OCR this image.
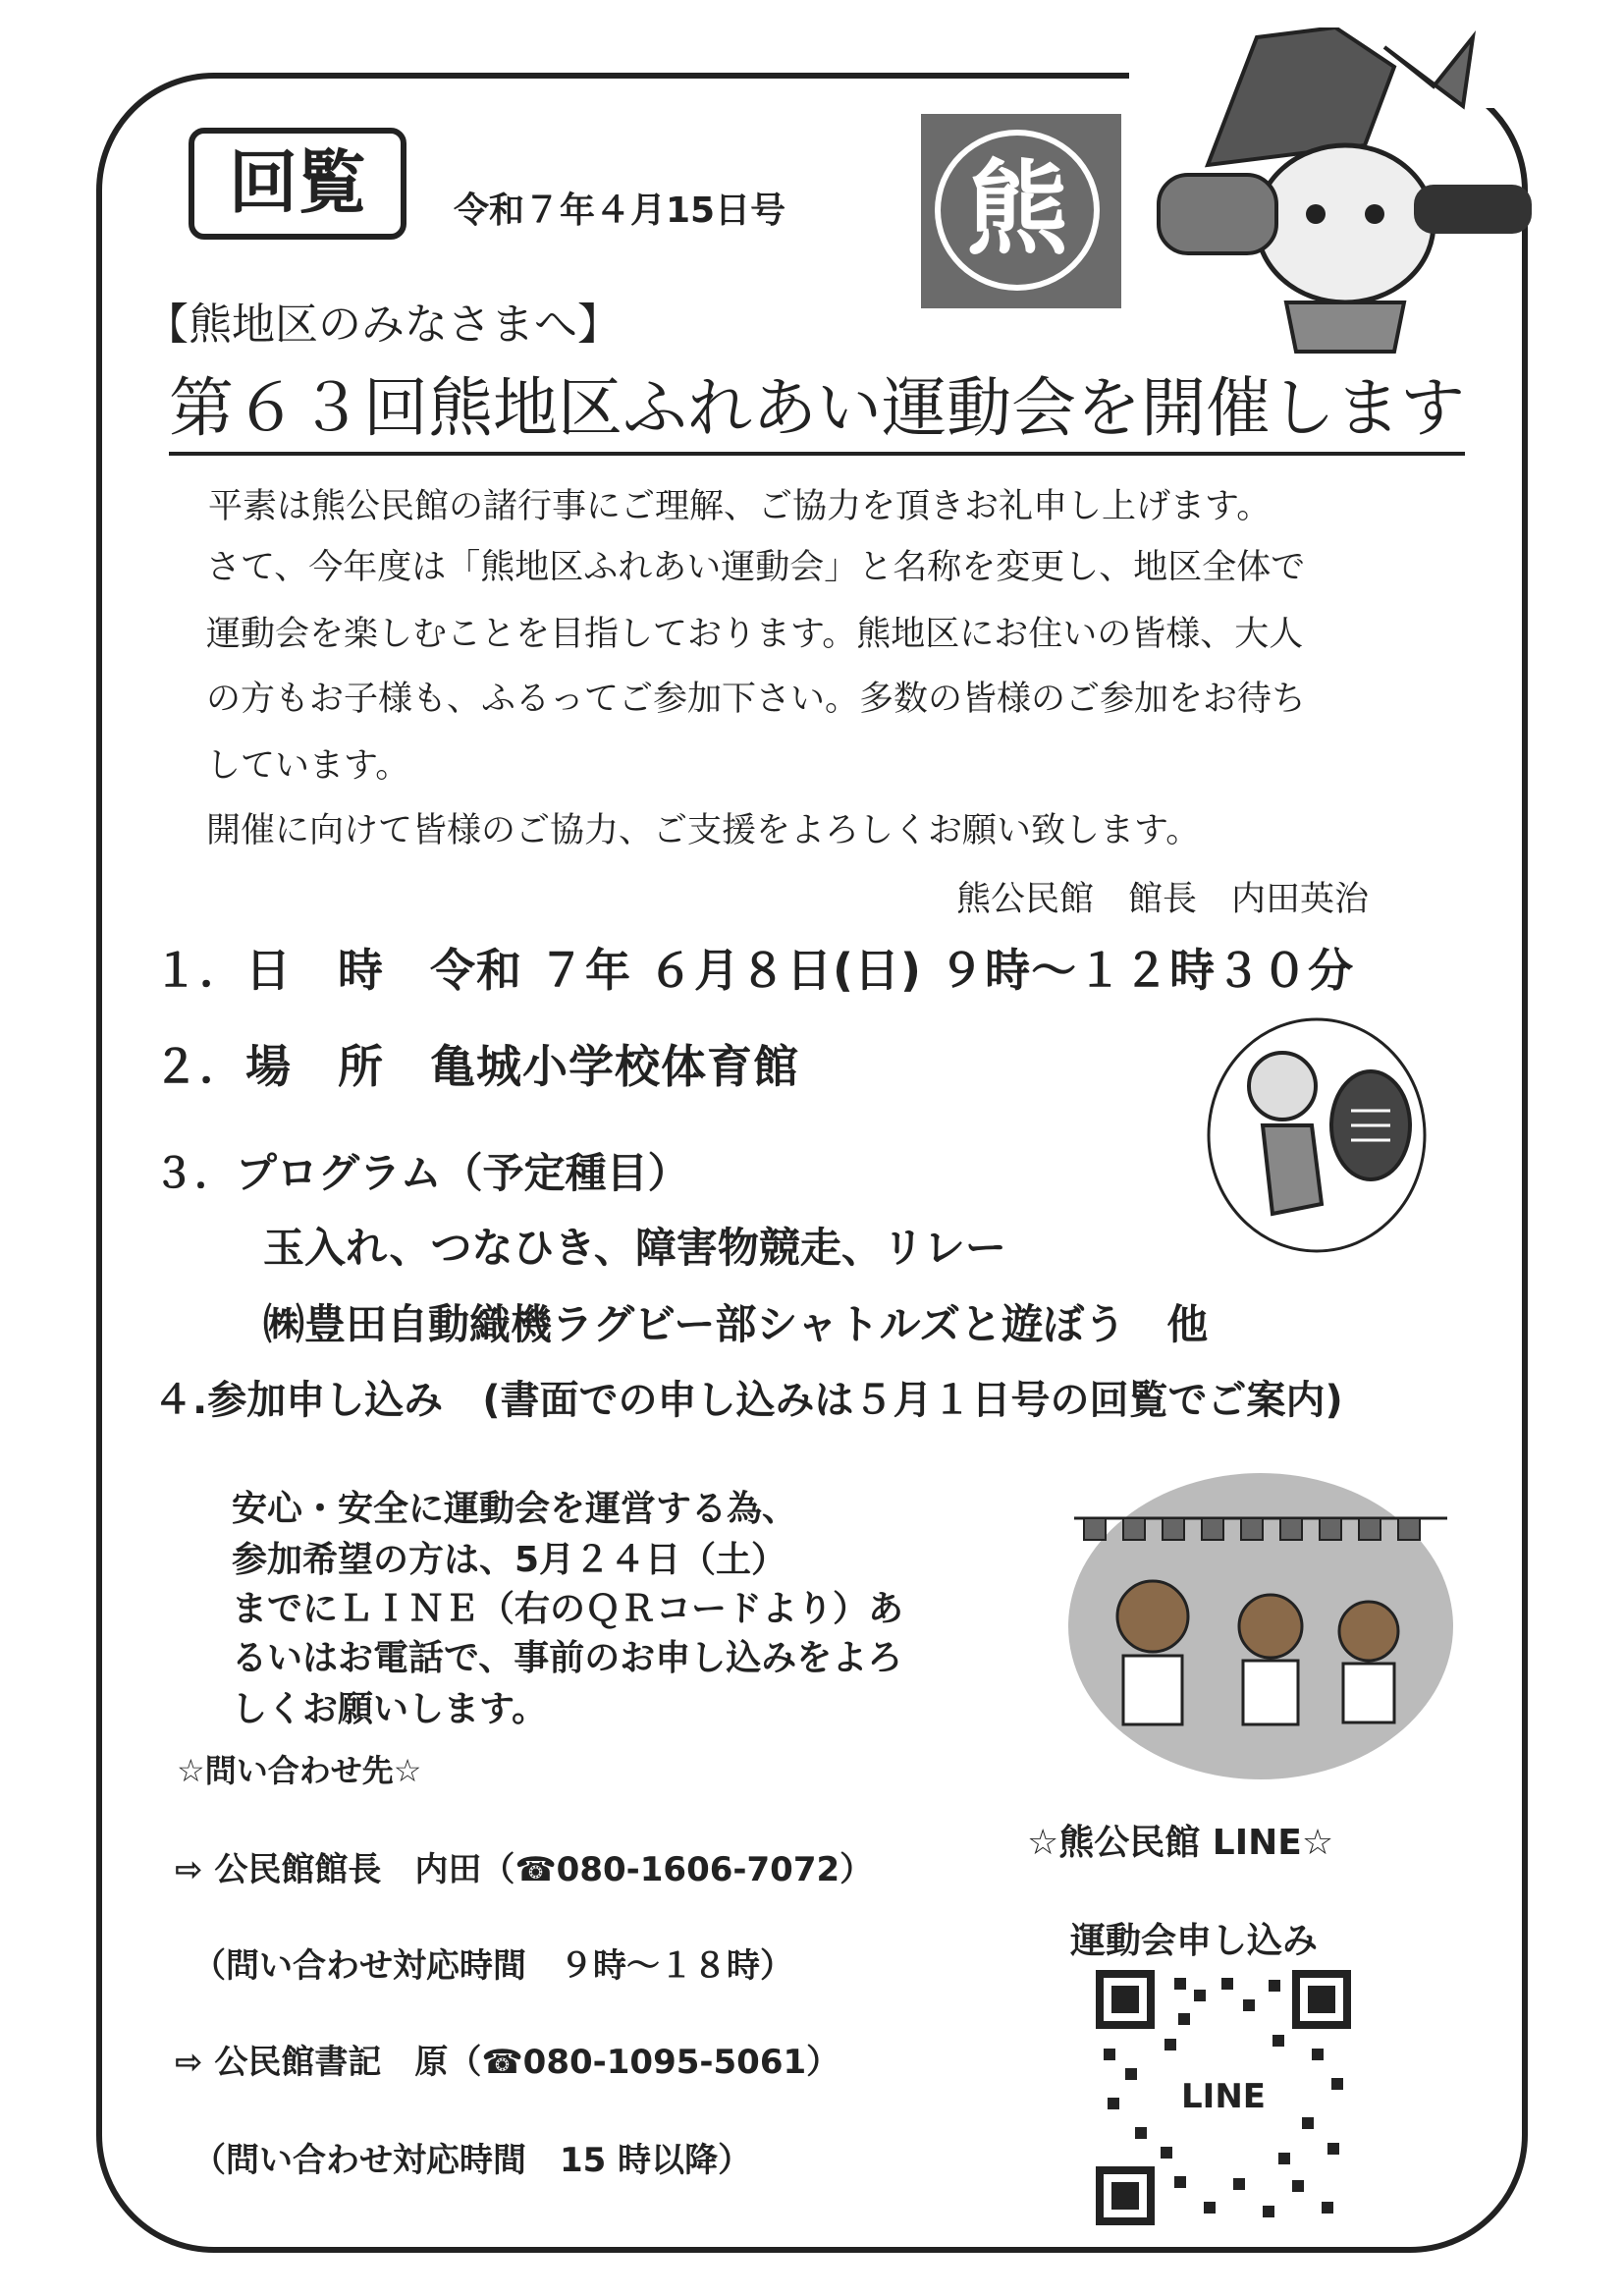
回覧	令和７年４月15日号	熊
【熊地区のみなさまへ】
第６３回熊地区ふれあい運動会を開催します
平素は熊公民館の諸行事にご理解、ご協力を頂きお礼申し上げます。
さて、今年度は「熊地区ふれあい運動会」と名称を変更し、地区全体で
運動会を楽しむことを目指しております。熊地区にお住いの皆様、大人
の方もお子様も、ふるってご参加下さい。多数の皆様のご参加をお待ち
しています。
開催に向けて皆様のご協力、ご支援をよろしくお願い致します。
熊公民館　館長　内田英治
１．日　時　令和 ７年 ６月８日(日) ９時～１２時３０分
２．場　所　亀城小学校体育館
３．プログラム（予定種目）
玉入れ、つなひき、障害物競走、リレー
㈱豊田自動織機ラグビー部シャトルズと遊ぼう　他
４.参加申し込み　(書面での申し込みは５月１日号の回覧でご案内)
安心・安全に運動会を運営する為、
参加希望の方は、5月２４日（土）
までにＬＩＮＥ（右のＱＲコードより）あ
るいはお電話で、事前のお申し込みをよろ
しくお願いします。
☆問い合わせ先☆
⇨ 公民館館長　内田（☎080-1606-7072）
（問い合わせ対応時間　９時～１８時）
⇨ 公民館書記　原（☎080-1095-5061）
（問い合わせ対応時間　15 時以降）
☆熊公民館 LINE☆
運動会申し込み
LINE
